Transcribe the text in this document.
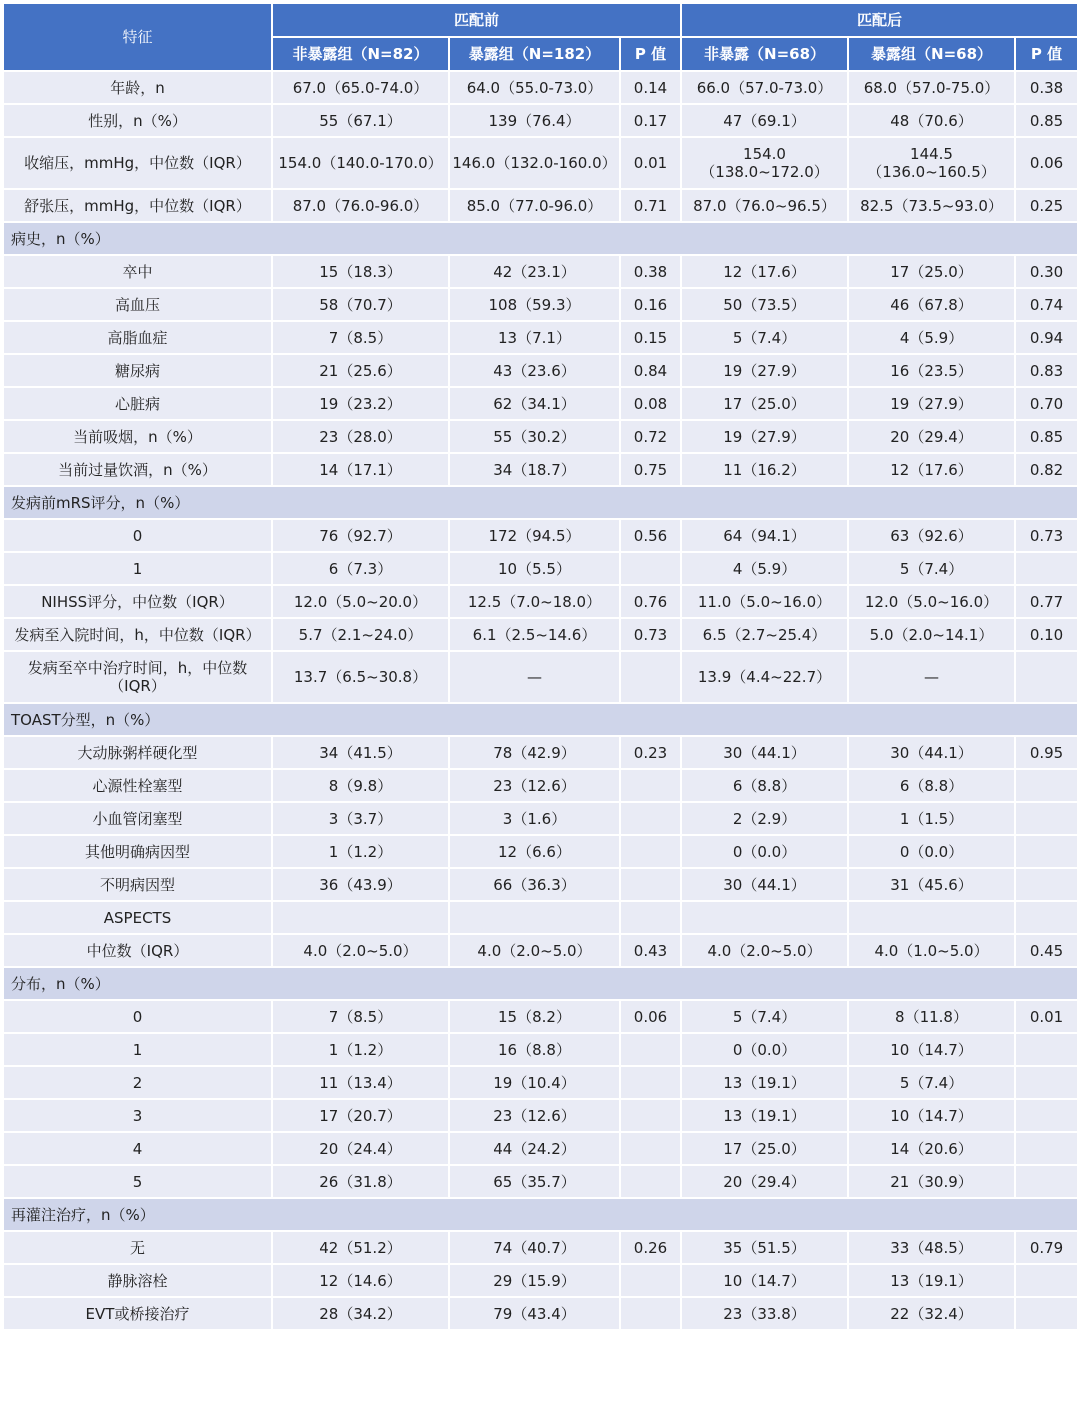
特征	匹配前			匹配后		
	非暴露组（N=82）	暴露组（N=182）	P 值	非暴露（N=68）	暴露组（N=68）	P 值
年龄，n	67.0（65.0-74.0）	64.0（55.0-73.0）	0.14	66.0（57.0-73.0）	68.0（57.0-75.0）	0.38
性别，n（%）	55（67.1）	139（76.4）	0.17	47（69.1）	48（70.6）	0.85
收缩压，mmHg，中位数（IQR）	154.0（140.0-170.0）	146.0（132.0-160.0）	0.01	154.0（138.0~172.0）	144.5（136.0~160.5）	0.06
舒张压，mmHg，中位数（IQR）	87.0（76.0-96.0）	85.0（77.0-96.0）	0.71	87.0（76.0~96.5）	82.5（73.5~93.0）	0.25
病史，n（%）						
卒中	15（18.3）	42（23.1）	0.38	12（17.6）	17（25.0）	0.30
高血压	58（70.7）	108（59.3）	0.16	50（73.5）	46（67.8）	0.74
高脂血症	7（8.5）	13（7.1）	0.15	5（7.4）	4（5.9）	0.94
糖尿病	21（25.6）	43（23.6）	0.84	19（27.9）	16（23.5）	0.83
心脏病	19（23.2）	62（34.1）	0.08	17（25.0）	19（27.9）	0.70
当前吸烟，n（%）	23（28.0）	55（30.2）	0.72	19（27.9）	20（29.4）	0.85
当前过量饮酒，n（%）	14（17.1）	34（18.7）	0.75	11（16.2）	12（17.6）	0.82
发病前mRS评分，n（%）						
0	76（92.7）	172（94.5）	0.56	64（94.1）	63（92.6）	0.73
1	6（7.3）	10（5.5）		4（5.9）	5（7.4）	
NIHSS评分，中位数（IQR）	12.0（5.0~20.0）	12.5（7.0~18.0）	0.76	11.0（5.0~16.0）	12.0（5.0~16.0）	0.77
发病至入院时间，h，中位数（IQR）	5.7（2.1~24.0）	6.1（2.5~14.6）	0.73	6.5（2.7~25.4）	5.0（2.0~14.1）	0.10
发病至卒中治疗时间，h，中位数（IQR）	13.7（6.5~30.8）	—		13.9（4.4~22.7）	—	
TOAST分型，n（%）						
大动脉粥样硬化型	34（41.5）	78（42.9）	0.23	30（44.1）	30（44.1）	0.95
心源性栓塞型	8（9.8）	23（12.6）		6（8.8）	6（8.8）	
小血管闭塞型	3（3.7）	3（1.6）		2（2.9）	1（1.5）	
其他明确病因型	1（1.2）	12（6.6）		0（0.0）	0（0.0）	
不明病因型	36（43.9）	66（36.3）		30（44.1）	31（45.6）	
ASPECTS						
中位数（IQR）	4.0（2.0~5.0）	4.0（2.0~5.0）	0.43	4.0（2.0~5.0）	4.0（1.0~5.0）	0.45
分布，n（%）						
0	7（8.5）	15（8.2）	0.06	5（7.4）	8（11.8）	0.01
1	1（1.2）	16（8.8）		0（0.0）	10（14.7）	
2	11（13.4）	19（10.4）		13（19.1）	5（7.4）	
3	17（20.7）	23（12.6）		13（19.1）	10（14.7）	
4	20（24.4）	44（24.2）		17（25.0）	14（20.6）	
5	26（31.8）	65（35.7）		20（29.4）	21（30.9）	
再灌注治疗，n（%）						
无	42（51.2）	74（40.7）	0.26	35（51.5）	33（48.5）	0.79
静脉溶栓	12（14.6）	29（15.9）		10（14.7）	13（19.1）	
EVT或桥接治疗	28（34.2）	79（43.4）		23（33.8）	22（32.4）	
